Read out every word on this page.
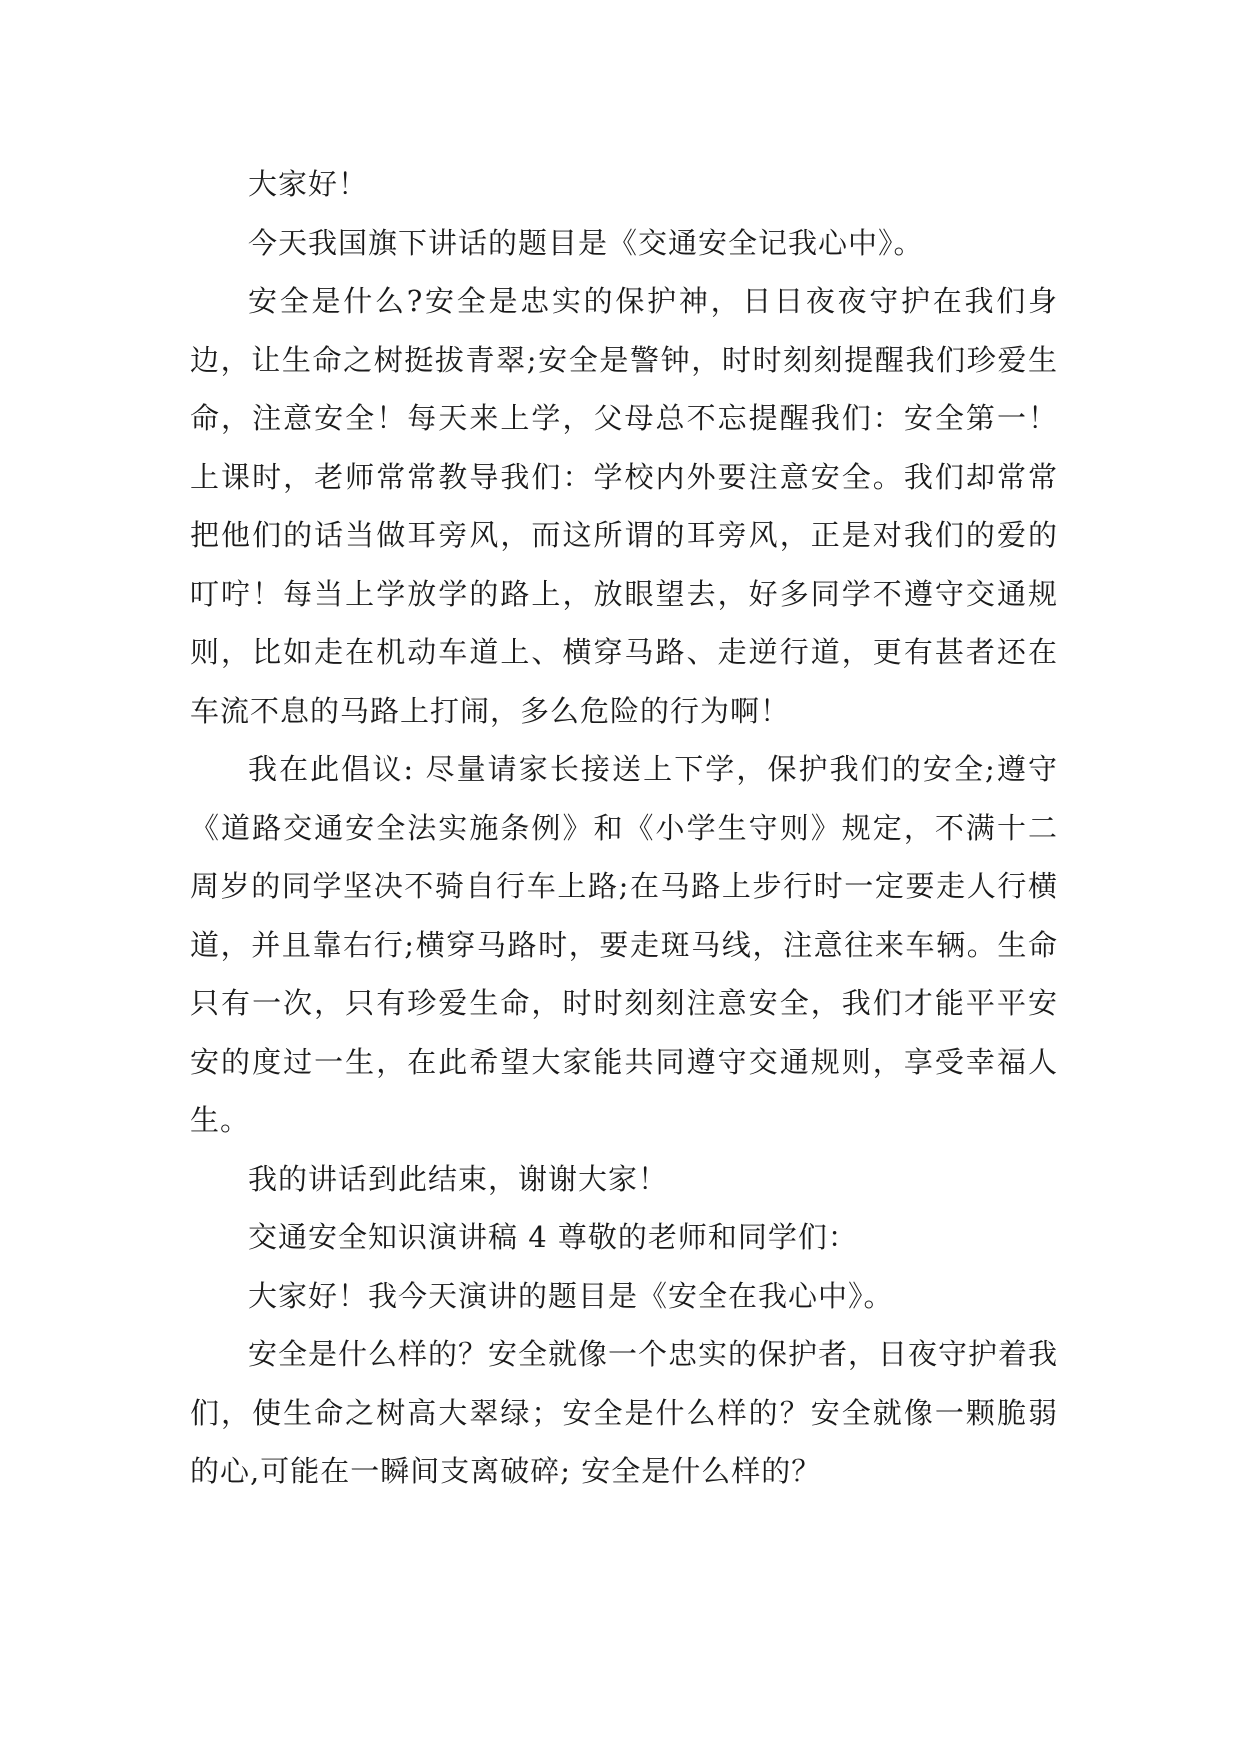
大家好！

今天我国旗下讲话的题目是《交通安全记我心中》。

安全是什么?安全是忠实的保护神，日日夜夜守护在我们身边，让生命之树挺拔青翠;安全是警钟，时时刻刻提醒我们珍爱生命，注意安全！每天来上学，父母总不忘提醒我们：安全第一！上课时，老师常常教导我们：学校内外要注意安全。我们却常常把他们的话当做耳旁风，而这所谓的耳旁风，正是对我们的爱的叮咛！每当上学放学的路上，放眼望去，好多同学不遵守交通规则，比如走在机动车道上、横穿马路、走逆行道，更有甚者还在车流不息的马路上打闹，多么危险的行为啊！

我在此倡议: 尽量请家长接送上下学，保护我们的安全;遵守《道路交通安全法实施条例》和《小学生守则》规定，不满十二周岁的同学坚决不骑自行车上路;在马路上步行时一定要走人行横道，并且靠右行;横穿马路时，要走斑马线，注意往来车辆。生命只有一次，只有珍爱生命，时时刻刻注意安全，我们才能平平安安的度过一生，在此希望大家能共同遵守交通规则，享受幸福人生。

我的讲话到此结束，谢谢大家！

交通安全知识演讲稿 4 尊敬的老师和同学们：

大家好！我今天演讲的题目是《安全在我心中》。

安全是什么样的？安全就像一个忠实的保护者，日夜守护着我们，使生命之树高大翠绿；安全是什么样的？安全就像一颗脆弱的心,可能在一瞬间支离破碎; 安全是什么样的？
